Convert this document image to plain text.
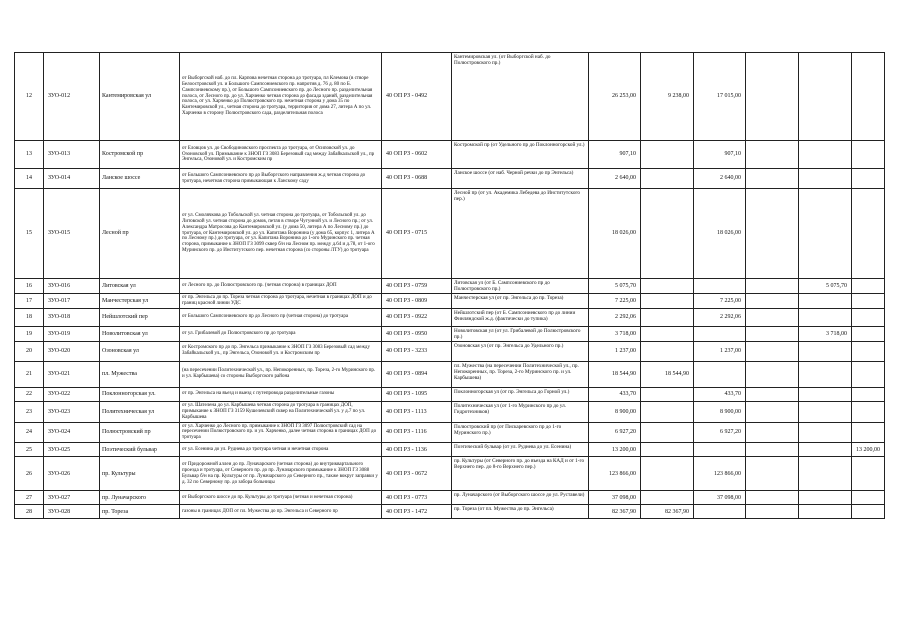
12	ЗУО-012	Кантемировская ул	от Выборгской наб. до пл. Карпова нечетная сторона до тротуара, пл Клемова (в створе Белоостровской ул. и Большого Сампсониевского пр. напротив д. 76 д. 80 по Б. Сампсониевскому пр.), от Большого Сампсониевского пр. до Лесного пр. разделительная полоса, от Лесного пр. до ул. Харченко четная сторона до фасада зданий, разделительная полоса, от ул. Харченко до Полюстровского пр. нечетная сторона у дома 35 по Кантемировской ул., четная сторона до тротуара, территория от дома 27, литера А по ул. Харченко в сторону Полюстровского сада, разделительная полоса	40 ОП РЗ - 0492	Кантемировская ул. (от Выборгской наб. до Полюстровского пр.)	26 253,00	9 238,00	17 015,00			
13	ЗУО-013	Костромской пр	от Еловцов ул. до Свободиновского проспекта до тротуара, от Осиповской ул. до Озоновской ул. Примыкание к ЗНОП ГЗ 3083 Березовый сад между Забайкальской ул., пр Энгельса, Озоновой ул. и Костромским пр	40 ОП РЗ - 0602	Костромской пр (от Удельного пр до Поклонногорской ул.)	907,10		907,10			
14	ЗУО-014	Ланское шоссе	от Большого Сампсониевского пр до Выборгского направления ж.д четная сторона до тротуара, нечетная сторона примыкающая к Ланскому саду	40 ОП РЗ - 0688	Ланское шоссе (от наб. Черной речки до пр Энгельса)	2 640,00		2 640,00			
15	ЗУО-015	Лесной пр	от ул. Смолячкова до Тобольской ул. четная сторона до тротуара, от Тобольской ул. до Литовской ул. четная сторона до домов, петля в створе Чугунной ул. и Лесного пр.; от ул. Александра Матросова до Кантемировской ул. (у дома 50, литера А по Лесному пр.) до тротуара, от Кантемировской ул. до ул. Капитана Воронина (у дома 65, корпус 1, литера А по Лесному пр.) до тротуара, от ул. Капитана Воронина до 1-ого Муринского пр. четная сторона, примыкание к ЗНОП ГЗ 3099 сквер б/н на Лесном пр. между д.64 и д.78, от 1-ого Муринского пр. до Институтского пер. нечетная сторона (со стороны ЛТУ) до тротуара	40 ОП РЗ - 0715	Лесной пр (от ул. Академика Лебедева до Институтского пер.)	18 026,00		18 026,00			
16	ЗУО-016	Литовская ул	от Лесного пр. до Полюстровского пр. (четная сторона) в границах ДОП	40 ОП РЗ - 0759	Литовская ул (от Б. Сампсониевского пр до Полюстровского пр.)	5 075,70				5 075,70	
17	ЗУО-017	Манчестерская ул	от пр. Энгельса до пр. Тореза четная сторона до тротуара, нечетная в границах ДОП и до границ красной линии УДС	40 ОП РЗ - 0809	Манчестерская ул (от пр. Энгельса до пр. Тореза)	7 225,00		7 225,00			
18	ЗУО-018	Нейшлотский пер	от Большого Сампсониевского пр до Лесного пр (четная сторона) до тротуара	40 ОП РЗ - 0922	Нейшлотский пер (от Б. Сампсониевского пр до линии Финляндской ж.д. (фактически до тупика)	2 292,06		2 292,06			
19	ЗУО-019	Новолитовская ул	от ул. Грибалевой до Полюстровского пр до тротуара	40 ОП РЗ - 0950	Новолитовская ул (от ул. Грибалевой до Полюстровского пр.)	3 718,00				3 718,00	
20	ЗУО-020	Озоновская ул	от Костромского пр до пр. Энгельса примыкание к ЗНОП ГЗ 3083 Березовый сад между Забайкальской ул., пр Энгельса, Озоновой ул. и Костромским пр	40 ОП РЗ - 3233	Озоновская ул (от пр. Энгельса до Удельного пр.)	1 237,00		1 237,00			
21	ЗУО-021	пл. Мужества	(на пересечении Политехнической ул., пр. Непокоренных, пр. Тореза, 2-го Муринского пр. и ул. Карбышева) со стороны Выборгского района	40 ОП РЗ - 0894	пл. Мужества (на пересечении Политехнической ул., пр. Непокоренных, пр. Тореза, 2-го Муринского пр. и ул. Карбышева)	18 544,90	18 544,90				
22	ЗУО-022	Поклонногорская ул.	от пр. Энгельса на въезд и выезд с путепровода разделительные газоны	40 ОП РЗ - 1095	Поклонногорская ул (от пр. Энгельса до Горной ул.)	433,70		433,70			
23	ЗУО-023	Политехническая ул	от ул. Шателена до ул. Карбышева четная сторона до тротуара в границах ДОП, примыкание к ЗНОП ГЗ 3159 Кушелевский сквер на Политехнической ул. у д.7 по ул. Карбышева	40 ОП РЗ - 1113	Политехническая ул (от 1-го Муринского пр до ул. Гидротехников)	8 900,00		8 900,00			
24	ЗУО-024	Полюстровский пр	от ул. Харченко до Лесного пр. примыкание к ЗНОП ГЗ 3097 Полюстровский сад на пересечении Полюстровского пр. и ул. Харченко, далее четная сторона в границах ДОП до тротуара	40 ОП РЗ - 1116	Полюстровский пр (от Пискаревского пр до 1-го Муринского пр.)	6 927,20		6 927,20			
25	ЗУО-025	Поэтический бульвар	от ул. Есенина до ул. Руднева до тротуара четная и нечетная сторона	40 ОП РЗ - 1136	Поэтический бульвар (от ул. Руднева до ул. Есенина)	13 200,00					13 200,00
26	ЗУО-026	пр. Культуры	от Придорожной аллеи до пр. Луначарского (четная сторона) до внутриквартального проезда и тротуара, от Северного пр. до пр. Луначарского примыкание к ЗНОП ГЗ 3088 Бульвар б/н на пр. Культуры от пр. Луначарского до Северного пр., также вокруг заправки у д. 32 по Северному пр. до забора больницы	40 ОП РЗ - 0672	пр. Культуры (от Северного пр. до въезда на КАД и от 1-го Верхнего пер. до 8-го Верхнего пер.)	123 866,00		123 866,00			
27	ЗУО-027	пр. Луначарского	от Выборгского шоссе до пр. Культуры до тротуара (четная и нечетная сторона)	40 ОП РЗ - 0773	пр. Луначарского (от Выборгского шоссе до ул. Руставели)	37 098,00		37 098,00			
28	ЗУО-028	пр. Тореза	газоны в границах ДОП от пл. Мужества до пр. Энгельса и Северного пр	40 ОП РЗ - 1472	пр. Тореза (от пл. Мужества до пр. Энгельса)	82 367,90	82 367,90				
